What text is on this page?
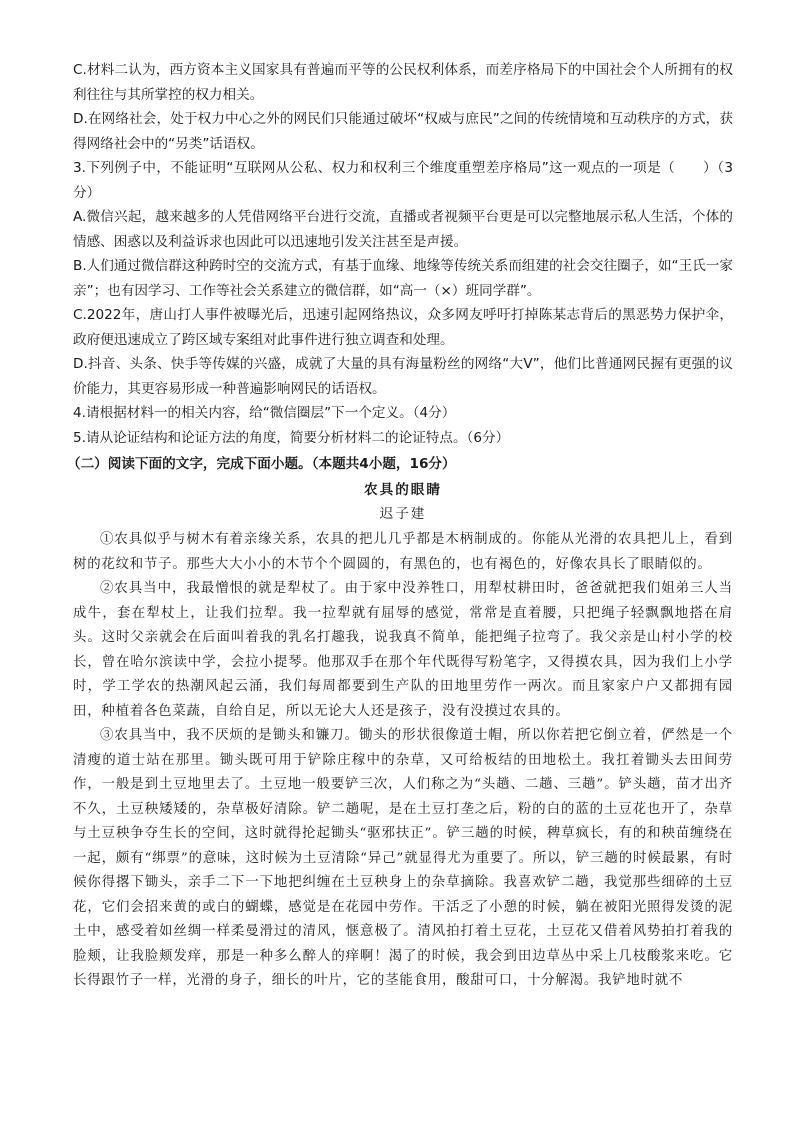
C.材料二认为，西方资本主义国家具有普遍而平等的公民权利体系，而差序格局下的中国社会个人所拥有的权利往往与其所掌控的权力相关。

D.在网络社会，处于权力中心之外的网民们只能通过破坏“权威与庶民”之间的传统情境和互动秩序的方式，获得网络社会中的“另类”话语权。

3.下列例子中，不能证明“互联网从公私、权力和权利三个维度重塑差序格局”这一观点的一项是（　　）（3分）

A.微信兴起，越来越多的人凭借网络平台进行交流，直播或者视频平台更是可以完整地展示私人生活，个体的情感、困惑以及利益诉求也因此可以迅速地引发关注甚至是声援。

B.人们通过微信群这种跨时空的交流方式，有基于血缘、地缘等传统关系而组建的社会交往圈子，如“王氏一家亲”；也有因学习、工作等社会关系建立的微信群，如“高一（×）班同学群”。

C.2022年，唐山打人事件被曝光后，迅速引起网络热议，众多网友呼吁打掉陈某志背后的黑恶势力保护伞，政府便迅速成立了跨区域专案组对此事件进行独立调查和处理。

D.抖音、头条、快手等传媒的兴盛，成就了大量的具有海量粉丝的网络“大V”，他们比普通网民握有更强的议价能力，其更容易形成一种普遍影响网民的话语权。

4.请根据材料一的相关内容，给“微信圈层”下一个定义。（4分）

5.请从论证结构和论证方法的角度，简要分析材料二的论证特点。（6分）

（二）阅读下面的文字，完成下面小题。（本题共4小题，16分）

农具的眼睛

迟子建

①农具似乎与树木有着亲缘关系，农具的把儿几乎都是木柄制成的。你能从光滑的农具把儿上，看到树的花纹和节子。那些大大小小的木节个个圆圆的，有黑色的，也有褐色的，好像农具长了眼睛似的。

②农具当中，我最憎恨的就是犁杖了。由于家中没养牲口，用犁杖耕田时，爸爸就把我们姐弟三人当成牛，套在犁杖上，让我们拉犁。我一拉犁就有屈辱的感觉，常常是直着腰，只把绳子轻飘飘地搭在肩头。这时父亲就会在后面叫着我的乳名打趣我，说我真不简单，能把绳子拉弯了。我父亲是山村小学的校长，曾在哈尔滨读中学，会拉小提琴。他那双手在那个年代既得写粉笔字，又得摸农具，因为我们上小学时，学工学农的热潮风起云涌，我们每周都要到生产队的田地里劳作一两次。而且家家户户又都拥有园田，种植着各色菜蔬，自给自足，所以无论大人还是孩子，没有没摸过农具的。

③农具当中，我不厌烦的是锄头和镰刀。锄头的形状很像道士帽，所以你若把它倒立着，俨然是一个清瘦的道士站在那里。锄头既可用于铲除庄稼中的杂草，又可给板结的田地松土。我扛着锄头去田间劳作，一般是到土豆地里去了。土豆地一般要铲三次，人们称之为“头趟、二趟、三趟”。铲头趟，苗才出齐不久，土豆秧矮矮的，杂草极好清除。铲二趟呢，是在土豆打垄之后，粉的白的蓝的土豆花也开了，杂草与土豆秧争夺生长的空间，这时就得抡起锄头“驱邪扶正”。铲三趟的时候，稗草疯长，有的和秧苗缠绕在一起，颇有“绑票”的意味，这时候为土豆清除“异己”就显得尤为重要了。所以，铲三趟的时候最累，有时候你得撂下锄头，亲手二下一下地把纠缠在土豆秧身上的杂草摘除。我喜欢铲二趟，我觉那些细碎的土豆花，它们会招来黄的或白的蝴蝶，感觉是在花园中劳作。干活乏了小憩的时候，躺在被阳光照得发烫的泥土中，感受着如丝绸一样柔曼滑过的清风，惬意极了。清风拍打着土豆花，土豆花又借着风势拍打着我的脸颊，让我脸颊发痒，那是一种多么醉人的痒啊！渴了的时候，我会到田边草丛中采上几枝酸浆来吃。它长得跟竹子一样，光滑的身子，细长的叶片，它的茎能食用，酸甜可口，十分解渴。我铲地时就不
